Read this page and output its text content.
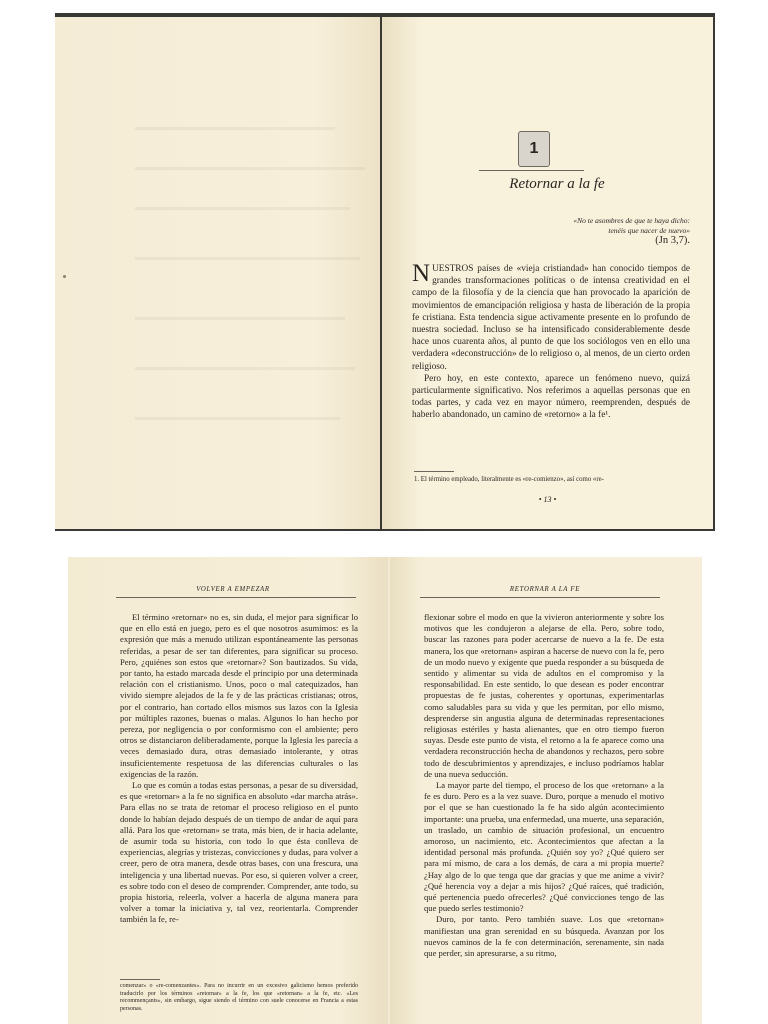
1
Retornar a la fe
«No te asombres de que te haya dicho:
tenéis que nacer de nuevo»
(Jn 3,7).

NUESTROS países de «vieja cristiandad» han conocido tiempos de grandes transformaciones políticas o de intensa creatividad en el campo de la filosofía y de la ciencia que han provocado la aparición de movimientos de emancipación religiosa y hasta de liberación de la propia fe cristiana. Esta tendencia sigue activamente presente en lo profundo de nuestra sociedad. Incluso se ha intensificado considerablemente desde hace unos cuarenta años, al punto de que los sociólogos ven en ello una verdadera «deconstrucción» de lo religioso o, al menos, de un cierto orden religioso.

Pero hoy, en este contexto, aparece un fenómeno nuevo, quizá particularmente significativo. Nos referimos a aquellas personas que en todas partes, y cada vez en mayor número, reemprenden, después de haberlo abandonado, un camino de «retorno» a la fe¹.

1. El término empleado, literalmente es «re-comienzo», así como «re-
• 13 •
VOLVER A EMPEZAR

El término «retornar» no es, sin duda, el mejor para significar lo que en ello está en juego, pero es el que nosotros asumimos: es la expresión que más a menudo utilizan espontáneamente las personas referidas, a pesar de ser tan diferentes, para significar su proceso. Pero, ¿quiénes son estos que «retornar»? Son bautizados. Su vida, por tanto, ha estado marcada desde el principio por una determinada relación con el cristianismo. Unos, poco o mal catequizados, han vivido siempre alejados de la fe y de las prácticas cristianas; otros, por el contrario, han cortado ellos mismos sus lazos con la Iglesia por múltiples razones, buenas o malas. Algunos lo han hecho por pereza, por negligencia o por conformismo con el ambiente; pero otros se distanciaron deliberadamente, porque la Iglesia les parecía a veces demasiado dura, otras demasiado intolerante, y otras insuficientemente respetuosa de las diferencias culturales o las exigencias de la razón.

Lo que es común a todas estas personas, a pesar de su diversidad, es que «retornar» a la fe no significa en absoluto «dar marcha atrás». Para ellas no se trata de retomar el proceso religioso en el punto donde lo habían dejado después de un tiempo de andar de aquí para allá. Para los que «retornan» se trata, más bien, de ir hacia adelante, de asumir toda su historia, con todo lo que ésta conlleva de experiencias, alegrías y tristezas, convicciones y dudas, para volver a creer, pero de otra manera, desde otras bases, con una frescura, una inteligencia y una libertad nuevas. Por eso, si quieren volver a creer, es sobre todo con el deseo de comprender. Comprender, ante todo, su propia historia, releerla, volver a hacerla de alguna manera para volver a tomar la iniciativa y, tal vez, reorientarla. Comprender también la fe, re-

comenzar» o «re-comenzantes». Para no incurrir en un excesivo galicismo hemos preferido traducirlo por los términos «retornar» a la fe, los que «retornan» a la fe, etc. «Les recommençants», sin embargo, sigue siendo el término con suele conocerse en Francia a estas personas.
RETORNAR A LA FE

flexionar sobre el modo en que la vivieron anteriormente y sobre los motivos que les condujeron a alejarse de ella. Pero, sobre todo, buscar las razones para poder acercarse de nuevo a la fe. De esta manera, los que «retornan» aspiran a hacerse de nuevo con la fe, pero de un modo nuevo y exigente que pueda responder a su búsqueda de sentido y alimentar su vida de adultos en el compromiso y la responsabilidad. En este sentido, lo que desean es poder encontrar propuestas de fe justas, coherentes y oportunas, experimentarlas como saludables para su vida y que les permitan, por ello mismo, desprenderse sin angustia alguna de determinadas representaciones religiosas estériles y hasta alienantes, que en otro tiempo fueron suyas. Desde este punto de vista, el retorno a la fe aparece como una verdadera reconstrucción hecha de abandonos y rechazos, pero sobre todo de descubrimientos y aprendizajes, e incluso podríamos hablar de una nueva seducción.

La mayor parte del tiempo, el proceso de los que «retornan» a la fe es duro. Pero es a la vez suave. Duro, porque a menudo el motivo por el que se han cuestionado la fe ha sido algún acontecimiento importante: una prueba, una enfermedad, una muerte, una separación, un traslado, un cambio de situación profesional, un encuentro amoroso, un nacimiento, etc. Acontecimientos que afectan a la identidad personal más profunda. ¿Quién soy yo? ¿Qué quiero ser para mí mismo, de cara a los demás, de cara a mi propia muerte? ¿Hay algo de lo que tenga que dar gracias y que me anime a vivir? ¿Qué herencia voy a dejar a mis hijos? ¿Qué raíces, qué tradición, qué pertenencia puedo ofrecerles? ¿Qué convicciones tengo de las que puedo serles testimonio?

Duro, por tanto. Pero también suave. Los que «retornan» manifiestan una gran serenidad en su búsqueda. Avanzan por los nuevos caminos de la fe con determinación, serenamente, sin nada que perder, sin apresurarse, a su ritmo,
